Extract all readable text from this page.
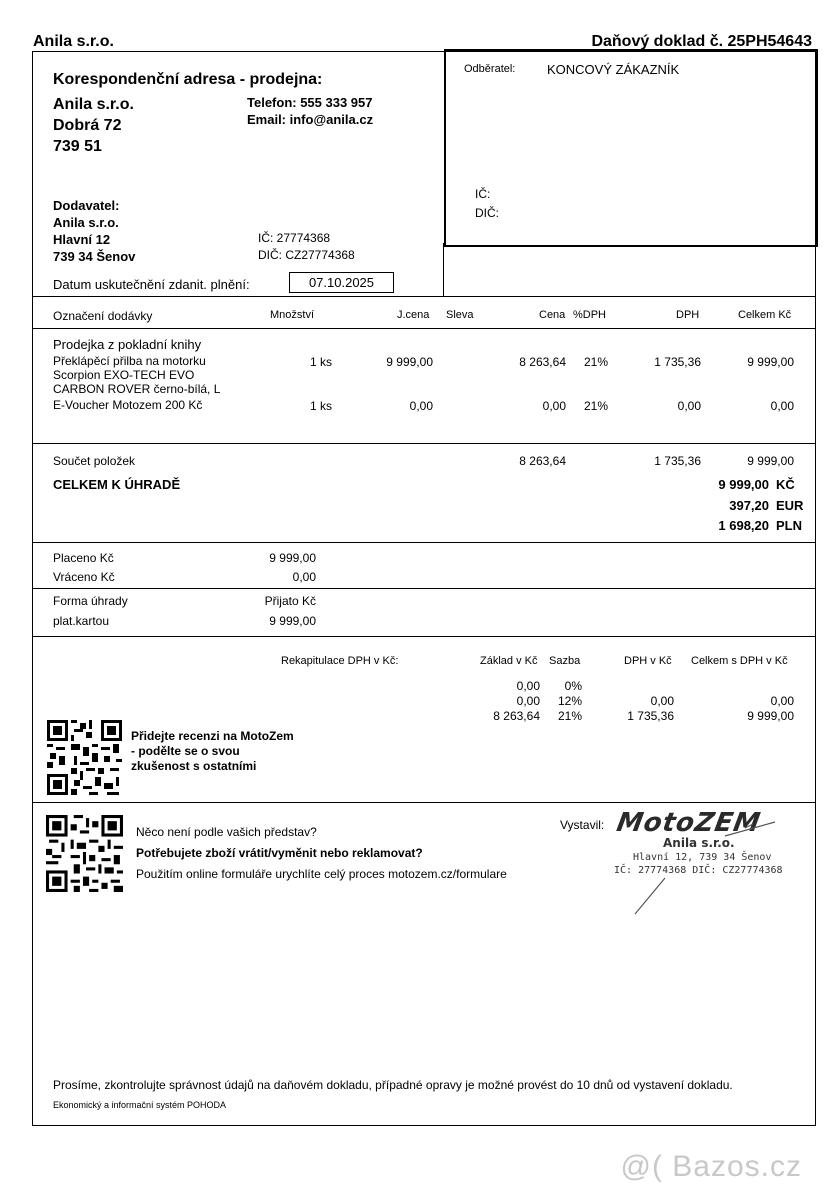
Anila s.r.o.	Daňový doklad č. 25PH54643
Odběratel: KONCOVÝ ZÁKAZNÍK
IČ:
DIČ:
Korespondenční adresa - prodejna:
Anila s.r.o.
Dobrá 72
739 51
Telefon: 555 333 957
Email: info@anila.cz
Dodavatel:
Anila s.r.o.
Hlavní 12
739 34 Šenov
IČ: 27774368
DIČ: CZ27774368
Datum uskutečnění zdanit. plnění:	07.10.2025
Označení dodávky	Množství	J.cena Sleva	Cena %DPH	DPH	Celkem Kč
Prodejka z pokladní knihy
Překlápěcí přilba na motorku
Scorpion EXO-TECH EVO
CARBON ROVER černo-bílá, L
1 ks	9 999,00	8 263,64 21%	1 735,36	9 999,00
E-Voucher Motozem 200 Kč	1 ks	0,00	0,00 21%	0,00	0,00
Součet položek	8 263,64	1 735,36	9 999,00
CELKEM K ÚHRADĚ	9 999,00 KČ
397,20 EUR
1 698,20 PLN
Placeno Kč	9 999,00
Vráceno Kč	0,00
Forma úhrady	Přijato Kč
plat.kartou	9 999,00
Rekapitulace DPH v Kč:	Základ v Kč Sazba	DPH v Kč Celkem s DPH v Kč
0,00 0%
0,00 12%	0,00	0,00
8 263,64 21%	1 735,36	9 999,00
Přidejte recenzi na MotoZem
- podělte se o svou
zkušenost s ostatními
Něco není podle vašich představ?
Potřebujete zboží vrátit/vyměnit nebo reklamovat?
Použitím online formuláře urychlíte celý proces motozem.cz/formulare
Vystavil: MotoZEM
Anila s.r.o.
Hlavní 12, 739 34 Šenov
IČ: 27774368 DIČ: CZ27774368
Prosíme, zkontrolujte správnost údajů na daňovém dokladu, případné opravy je možné provést do 10 dnů od vystavení dokladu.
Ekonomický a informační systém POHODA
@( Bazos.cz
